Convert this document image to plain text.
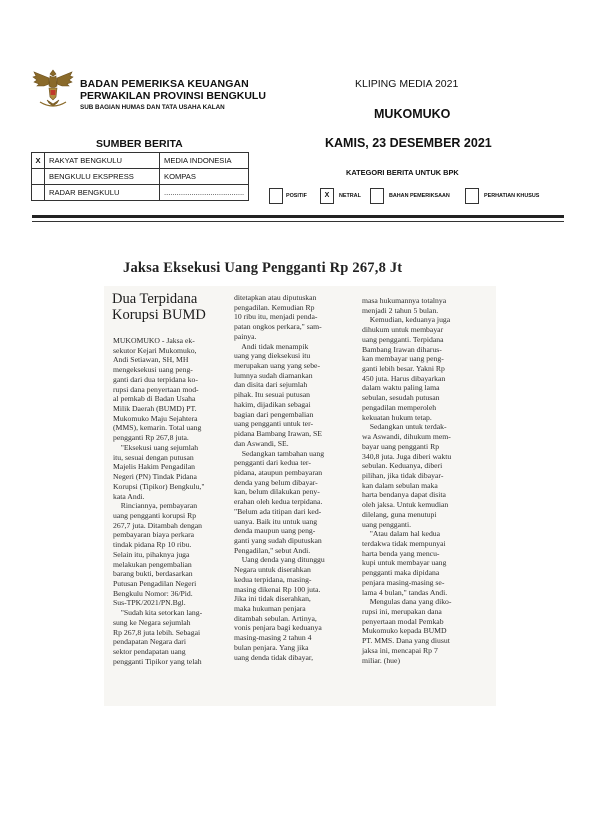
BADAN PEMERIKSA KEUANGAN
PERWAKILAN PROVINSI BENGKULU
SUB BAGIAN HUMAS DAN TATA USAHA KALAN
KLIPING MEDIA 2021
MUKOMUKO
SUMBER BERITA	KAMIS, 23 DESEMBER 2021
X	RAKYAT BENGKULU	MEDIA INDONESIA
	BENGKULU EKSPRESS	KOMPAS
	RADAR BENGKULU	......................................
KATEGORI BERITA UNTUK BPK
POSITIF	X	NETRAL	BAHAN PEMERIKSAAN	PERHATIAN KHUSUS
Jaksa Eksekusi Uang Pengganti Rp 267,8 Jt
Dua Terpidana Korupsi BUMD
MUKOMUKO - Jaksa ek-
sekutor Kejari Mukomuko,
Andi Setiawan, SH, MH
mengeksekusi uang peng-
ganti dari dua terpidana ko-
rupsi dana penyertaan mod-
al pemkab di Badan Usaha
Milik Daerah (BUMD) PT.
Mukomuko Maju Sejahtera
(MMS), kemarin. Total uang
pengganti Rp 267,8 juta.
"Eksekusi uang sejumlah
itu, sesuai dengan putusan
Majelis Hakim Pengadilan
Negeri (PN) Tindak Pidana
Korupsi (Tipikor) Bengkulu,"
kata Andi.
Rinciannya, pembayaran
uang pengganti korupsi Rp
267,7 juta. Ditambah dengan
pembayaran biaya perkara
tindak pidana Rp 10 ribu.
Selain itu, pihaknya juga
melakukan pengembalian
barang bukti, berdasarkan
Putusan Pengadilan Negeri
Bengkulu Nomor: 36/Pid.
Sus-TPK/2021/PN.Bgl.
"Sudah kita setorkan lang-
sung ke Negara sejumlah
Rp 267,8 juta lebih. Sebagai
pendapatan Negara dari
sektor pendapatan uang
pengganti Tipikor yang telah
ditetapkan atau diputuskan
pengadilan. Kemudian Rp
10 ribu itu, menjadi penda-
patan ongkos perkara," sam-
painya.
Andi tidak menampik
uang yang dieksekusi itu
merupakan uang yang sebe-
lumnya sudah diamankan
dan disita dari sejumlah
pihak. Itu sesuai putusan
hakim, dijadikan sebagai
bagian dari pengembalian
uang pengganti untuk ter-
pidana Bambang Irawan, SE
dan Aswandi, SE.
Sedangkan tambahan uang
pengganti dari kedua ter-
pidana, ataupun pembayaran
denda yang belum dibayar-
kan, belum dilakukan peny-
erahan oleh kedua terpidana.
"Belum ada titipan dari ked-
uanya. Baik itu untuk uang
denda maupun uang peng-
ganti yang sudah diputuskan
Pengadilan," sebut Andi.
Uang denda yang ditunggu
Negara untuk diserahkan
kedua terpidana, masing-
masing dikenai Rp 100 juta.
Jika ini tidak diserahkan,
maka hukuman penjara
ditambah sebulan. Artinya,
vonis penjara bagi keduanya
masing-masing 2 tahun 4
bulan penjara. Yang jika
uang denda tidak dibayar,
masa hukumannya totalnya
menjadi 2 tahun 5 bulan.
Kemudian, keduanya juga
dihukum untuk membayar
uang pengganti. Terpidana
Bambang Irawan diharus-
kan membayar uang peng-
ganti lebih besar. Yakni Rp
450 juta. Harus dibayarkan
dalam waktu paling lama
sebulan, sesudah putusan
pengadilan memperoleh
kekuatan hukum tetap.
Sedangkan untuk terdak-
wa Aswandi, dihukum mem-
bayar uang pengganti Rp
340,8 juta. Juga diberi waktu
sebulan. Keduanya, diberi
pilihan, jika tidak dibayar-
kan dalam sebulan maka
harta bendanya dapat disita
oleh jaksa. Untuk kemudian
dilelang, guna menutupi
uang pengganti.
"Atau dalam hal kedua
terdakwa tidak mempunyai
harta benda yang mencu-
kupi untuk membayar uang
pengganti maka dipidana
penjara masing-masing se-
lama 4 bulan," tandas Andi.
Mengulas dana yang diko-
rupsi ini, merupakan dana
penyertaan modal Pemkab
Mukomuko kepada BUMD
PT. MMS. Dana yang diusut
jaksa ini, mencapai Rp 7
miliar. (hue)
